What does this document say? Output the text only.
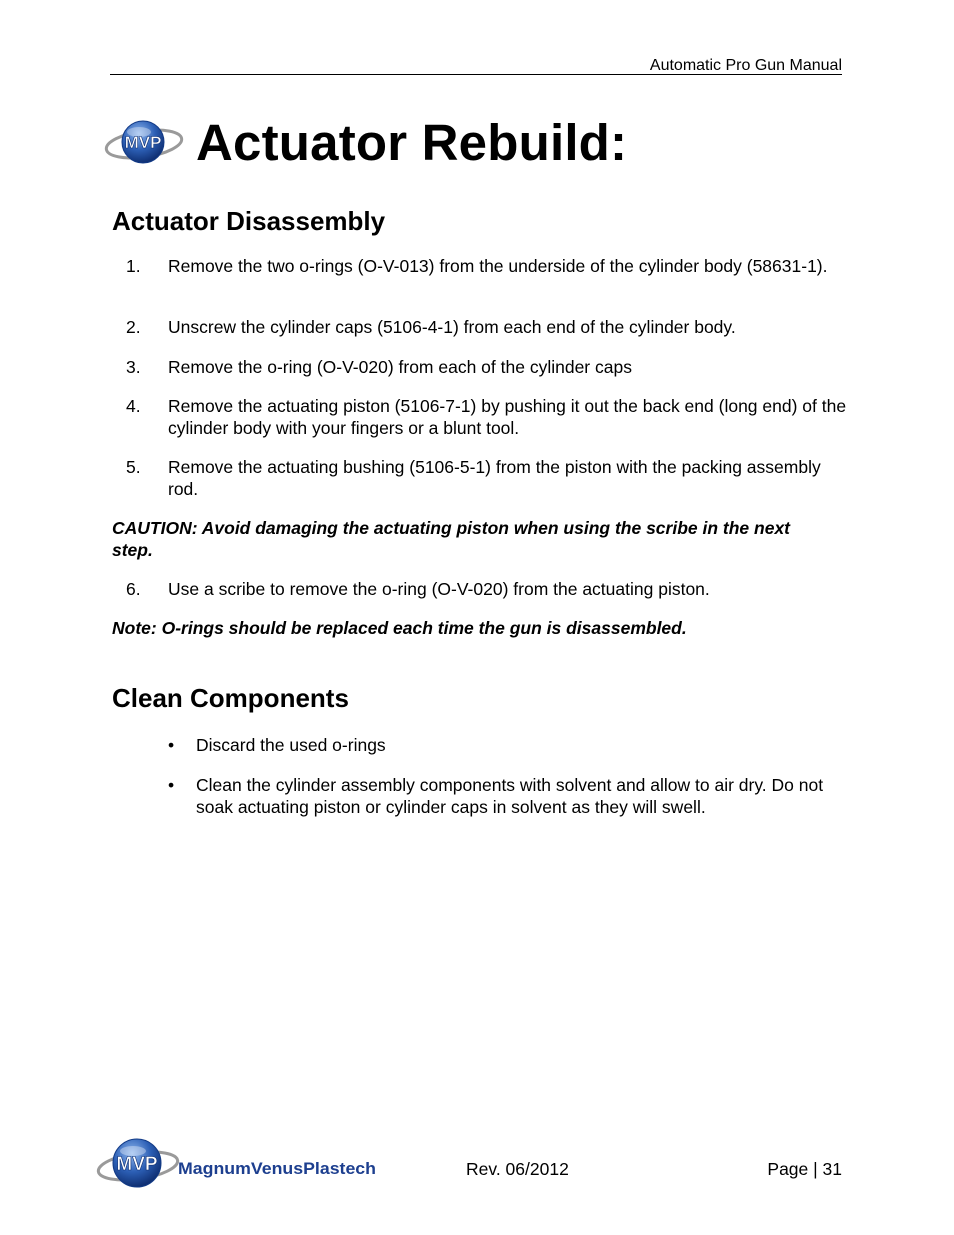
Automatic Pro Gun Manual
MVP Actuator Rebuild:
Actuator Disassembly
1. Remove the two o-rings (O-V-013) from the underside of the cylinder body (58631-1).
2. Unscrew the cylinder caps (5106-4-1) from each end of the cylinder body.
3. Remove the o-ring (O-V-020) from each of the cylinder caps
4. Remove the actuating piston (5106-7-1) by pushing it out the back end (long end) of the cylinder body with your fingers or a blunt tool.
5. Remove the actuating bushing (5106-5-1) from the piston with the packing assembly rod.
CAUTION: Avoid damaging the actuating piston when using the scribe in the next step.
6. Use a scribe to remove the o-ring (O-V-020) from the actuating piston.
Note: O-rings should be replaced each time the gun is disassembled.
Clean Components
• Discard the used o-rings
• Clean the cylinder assembly components with solvent and allow to air dry. Do not soak actuating piston or cylinder caps in solvent as they will swell.
MVP MagnumVenusPlastech	Rev. 06/2012	Page | 31
